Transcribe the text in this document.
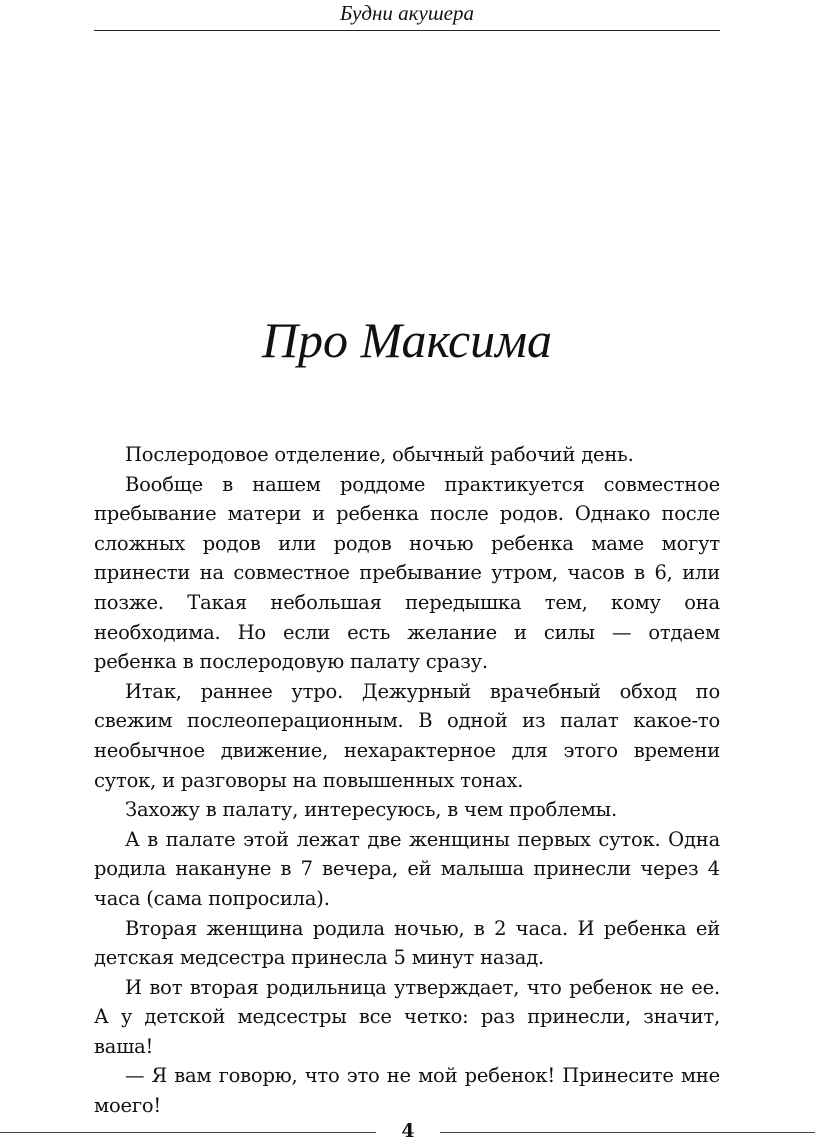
Будни акушера
Про Максима

Послеродовое отделение, обычный рабочий день.

Вообще в нашем роддоме практикуется совместное пребывание матери и ребенка после родов. Однако после сложных родов или родов ночью ребенка маме могут принести на совместное пребывание утром, часов в 6, или позже. Такая небольшая передышка тем, кому она необходима. Но если есть желание и силы — отдаем ребенка в послеродовую палату сразу.

Итак, раннее утро. Дежурный врачебный обход по свежим послеоперационным. В одной из палат какое-то необычное движение, нехарактерное для этого времени суток, и разговоры на повышенных тонах.

Захожу в палату, интересуюсь, в чем проблемы.

А в палате этой лежат две женщины первых суток. Одна родила накануне в 7 вечера, ей малыша принесли через 4 часа (сама попросила).

Вторая женщина родила ночью, в 2 часа. И ребенка ей детская медсестра принесла 5 минут назад.

И вот вторая родильница утверждает, что ребенок не ее. А у детской медсестры все четко: раз принесли, значит, ваша!

— Я вам говорю, что это не мой ребенок! Принесите мне моего!

4
